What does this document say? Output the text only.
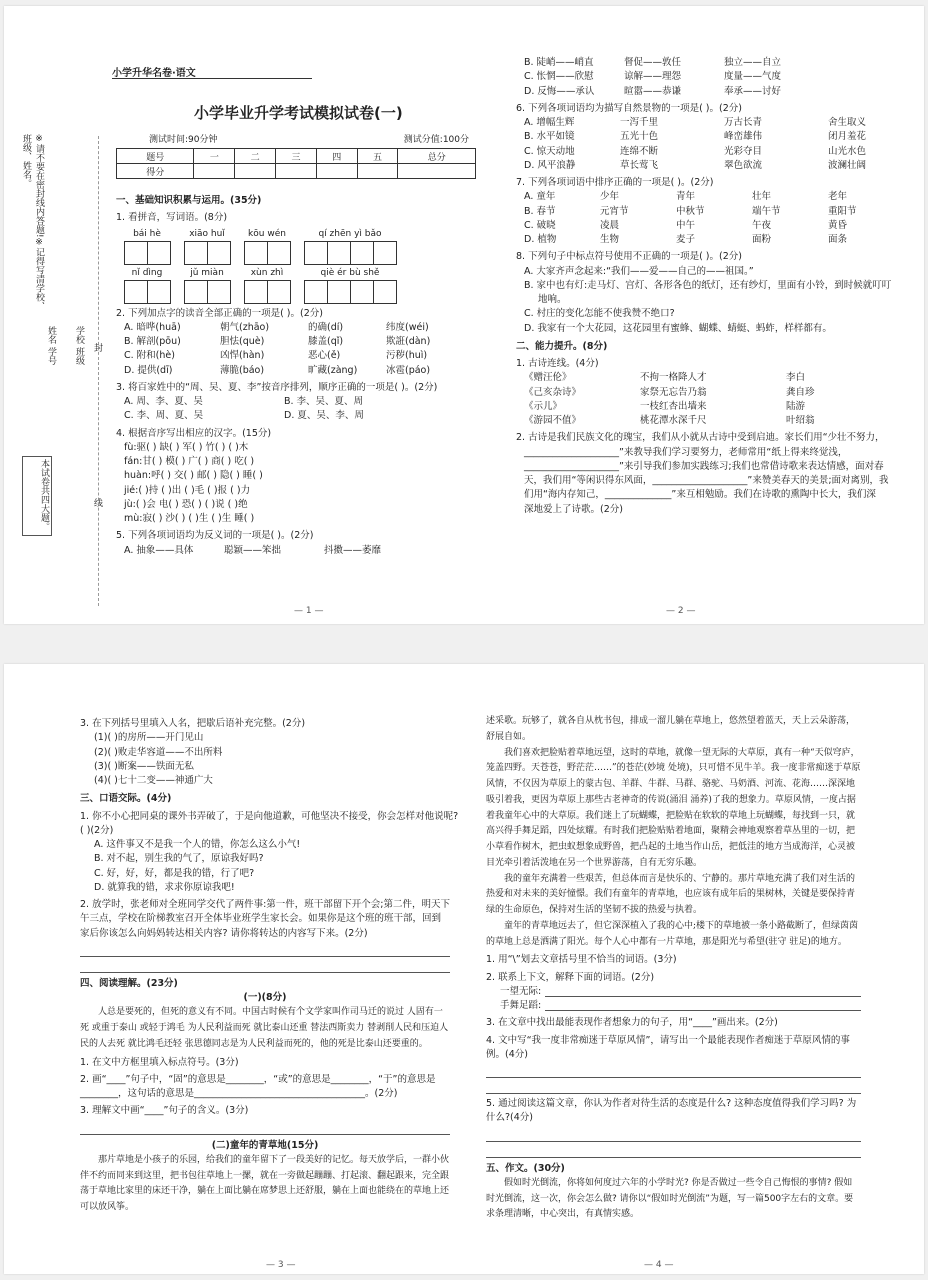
小学升华名卷·语文
小学毕业升学考试模拟试卷(一)
测试时间:90分钟	测试分值:100分
题号	一	二	三	四	五	总分
得分						
※请不要在密封线内答题!※记得写清学校、班级、姓名。
学校 班级
姓名 学号
本试卷共四大题。
封
线
一、基础知识积累与运用。(35分)
1. 看拼音，写词语。(8分)
bái hè	xiāo huǐ	kōu wén	qí zhēn yì bǎo
nǐ dìng	jǔ miàn	xùn zhì	qiè ér bù shě
2. 下列加点字的读音全部正确的一项是( )。(2分)
A. 暗哗(huā)	朝气(zhāo)	的确(dí)	纬度(wéi)
B. 解剖(pōu)	胆怯(què)	膝盖(qǐ)	欺誑(dàn)
C. 附和(hè)	凶悍(hàn)	恶心(ě)	污秽(huì)
D. 提供(dī)	薄脆(báo)	旷藏(zàng)	冰雹(páo)
3. 将百家姓中的“周、吴、夏、李”按音序排列，顺序正确的一项是( )。(2分)
A. 周、李、夏、吴	B. 李、吴、夏、周
C. 李、周、夏、吴	D. 夏、吴、李、周
4. 根据音序写出相应的汉字。(15分)
fù:驱( ) 缺( ) 军( ) 竹( ) ( )木
fán:甘( ) 模( ) 广( ) 商( ) 吃( )
huàn:呼( ) 交( ) 邮( ) 隐( ) 睡( )
jié:( )持 ( )出 ( )毛 ( )报 ( )力
jù:( )会 电( ) 恐( ) ( )说 ( )绝
mù:寂( ) 沙( ) ( )生 ( )生 睡( )
5. 下列各项词语均为反义词的一项是( )。(2分)
A. 抽象——具体	聪颖——笨拙	抖擞——萎靡
— 1 —
B. 陡峭——峭直	督促——敦任	独立——自立
C. 怅惘——欣慰	谅解——理怨	度量——气度
D. 反悔——承认	暄嚣——恭谦	奉承——讨好
6. 下列各项词语均为描写自然景物的一项是( )。(2分)
A. 增幅生辉	一泻千里	万古长青	舍生取义
B. 水平如镜	五光十色	峰峦雄伟	闭月羞花
C. 惊天动地	连绵不断	光彩夺目	山光水色
D. 风平浪静	草长莺飞	翠色欲流	波澜壮阔
7. 下列各项词语中排序正确的一项是( )。(2分)
A. 童年	少年	青年	壮年	老年
B. 春节	元宵节	中秋节	端午节	重阳节
C. 破晓	凌晨	中午	午夜	黄昏
D. 植物	生物	麦子	面粉	面条
8. 下列句子中标点符号使用不正确的一项是( )。(2分)
A. 大家齐声念起来:“我们——爱——自己的——祖国。”
B. 家中也有灯:走马灯、宫灯、各形各色的纸灯，还有纱灯，里面有小铃，到时候就叮叮
地响。
C. 村庄的变化怎能不使我赞不绝口?
D. 我家有一个大花园，这花园里有蜜蜂、蝴蝶、蜻蜓、蚂蚱，样样都有。
二、能力提升。(8分)
1. 古诗连线。(4分)
《赠汪伦》	不拘一格降人才	李白
《己亥杂诗》	家祭无忘告乃翁	龚自珍
《示儿》	一枝红杏出墙来	陆游
《游园不值》	桃花潭水深千尺	叶绍翁
2. 古诗是我们民族文化的瑰宝，我们从小就从古诗中受到启迪。家长们用“少壮不努力，
____________________”来教导我们学习要努力，老师常用“纸上得来终觉浅，
____________________”来引导我们参加实践练习;我们也常借诗歌来表达情感，面对春
天，我们用“等闲识得东风面，____________________”来赞美春天的美景;面对离别，我
们用“海内存知己，______________”来互相勉励。我们在诗歌的熏陶中长大，我们深
深地爱上了诗歌。(2分)
— 2 —
3. 在下列括号里填入人名，把歇后语补充完整。(2分)
(1)( )的房所——开门见山
(2)( )败走华容道——不出所料
(3)( )断案——铁面无私
(4)( )七十二变——神通广大
三、口语交际。(4分)
1. 你不小心把同桌的课外书弄破了，于是向他道歉，可他坚决不接受，你会怎样对他说呢?
( )(2分)
A. 这件事又不是我一个人的错，你怎么这么小气!
B. 对不起，别生我的气了，原谅我好吗?
C. 好，好，好，都是我的错，行了吧?
D. 就算我的错，求求你原谅我吧!
2. 放学时，张老师对全班同学交代了两件事:第一件，班干部留下开个会;第二件，明天下午三点，学校在阶梯教室召开全体毕业班学生家长会。如果你是这个班的班干部，回到家后你该怎么向妈妈转达相关内容? 请你将转达的内容写下来。(2分)
四、阅读理解。(23分)
(一)(8分)
人总是要死的，但死的意义有不同。中国古时候有个文学家叫作司马迁的说过 人固有一死 或重于泰山 或轻于鸿毛 为人民利益而死 就比泰山还重 替法西斯卖力 替剥削人民和压迫人民的人去死 就比鸿毛还轻 张思德同志是为人民利益而死的，他的死是比泰山还要重的。
1. 在文中方框里填入标点符号。(3分)
2. 画“____”句子中，“固”的意思是________，“或”的意思是________，“于”的意思是________，这句话的意思是____________________________________。(2分)
3. 理解文中画“____”句子的含义。(3分)
(二)童年的青草地(15分)
那片草地是小孩子的乐园，给我们的童年留下了一段美好的记忆。每天放学后，一群小伙伴不约而同来到这里，把书包往草地上一摞，就在一旁做起蹦蹦、打起滚、翻起跟来，完全跟荡于草地比家里的床还干净，躺在上面比躺在席梦思上还舒服，躺在上面也能绕在的草地上还可以放风筝。
— 3 —
述采歌。玩够了，就各自从枕书包，排成一溜儿躺在草地上，悠然望着蓝天，天上云朵游荡，舒展自如。
我们喜欢把脸贴着草地远望，这时的草地，就像一望无际的大草原，真有一种“天似穹庐，笼盖四野。天苍苍，野茫茫……”的苍茫(妙境 处境)，只可惜不见牛羊。我一度非常痴迷于草原风情，不仅因为草原上的蒙古包、羊群、牛群、马群、骆驼、马奶酒、河流、花海……深深地吸引着我，更因为草原上那些古老神奇的传说(涌泪 涌养)了我的想象力。草原风情，一度占据着我童年心中的大草原。我们迷上了玩蝴蝶，把脸贴在软软的草地上玩蝴蝶，每找到一只，就高兴得手舞足蹈，四处炫耀。有时我们把脸贴贴着地面，聚精会神地观察着草丛里的一切，把小草看作树木，把虫蚁想象成野兽，把凸起的土地当作山岳，把低洼的地方当成海洋，心灵被目光牵引着活泼地在另一个世界游荡，自有无穷乐趣。
我的童年充满着一些艰苦，但总体而言是快乐的、宁静的。那片草地充满了我们对生活的热爱和对未来的美好憧憬。我们有童年的青草地，也应该有成年后的果树林，关键是要保持青绿的生命原色，保持对生活的坚韧不拔的热爱与执着。
童年的青草地远去了，但它深深植入了我的心中;楼下的草地被一条小路截断了，但绿茵茵的草地上总是洒满了阳光。每个人心中都有一片草地，那是阳光与希望(驻守 驻足)的地方。
1. 用“\”划去文章括号里不恰当的词语。(3分)
2. 联系上下文，解释下面的词语。(2分)
一望无际:
手舞足蹈:
3. 在文章中找出最能表现作者想象力的句子，用“____”画出来。(2分)
4. 文中写“我一度非常痴迷于草原风情”，请写出一个最能表现作者痴迷于草原风情的事例。(4分)
5. 通过阅读这篇文章，你认为作者对待生活的态度是什么? 这种态度值得我们学习吗? 为什么?(4分)
五、作文。(30分)
假如时光倒流，你将如何度过六年的小学时光? 你是否做过一些令自己悔恨的事情? 假如时光倒流，这一次，你会怎么做? 请你以“假如时光倒流”为题，写一篇500字左右的文章。要求条理清晰，中心突出，有真情实感。
— 4 —
